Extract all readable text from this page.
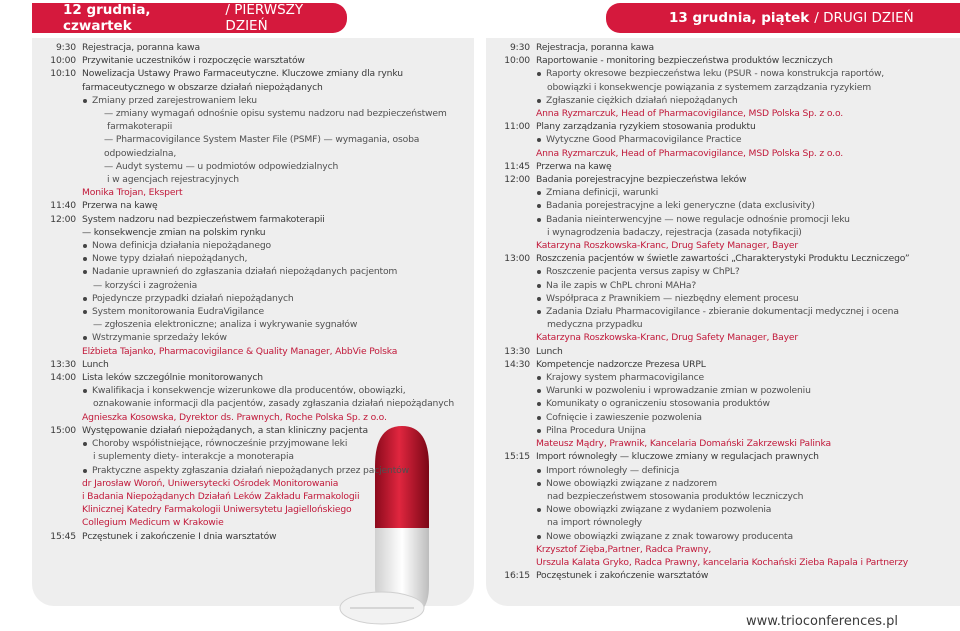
12 grudnia, czwartek
/ PIERWSZY DZIEŃ	13 grudnia, piątek / DRUGI DZIEŃ
9:30 Rejestracja, poranna kawa
10:00 Przywitanie uczestników i rozpoczęcie warsztatów
10:10 Nowelizacja Ustawy Prawo Farmaceutyczne. Kluczowe zmiany dla rynku
farmaceutycznego w obszarze działań niepożądanych
Zmiany przed zarejestrowaniem leku
— zmiany wymagań odnośnie opisu systemu nadzoru nad bezpieczeństwem
farmakoterapii
— Pharmacovigilance System Master File (PSMF) — wymagania, osoba odpowiedzialna,
— Audyt systemu — u podmiotów odpowiedzialnych
i w agencjach rejestracyjnych
Monika Trojan, Ekspert
11:40 Przerwa na kawę
12:00 System nadzoru nad bezpieczeństwem farmakoterapii
— konsekwencje zmian na polskim rynku
Nowa definicja działania niepożądanego
Nowe typy działań niepożądanych,
Nadanie uprawnień do zgłaszania działań niepożądanych pacjentom
— korzyści i zagrożenia
Pojedyncze przypadki działań niepożądanych
System monitorowania EudraVigilance
— zgłoszenia elektroniczne; analiza i wykrywanie sygnałów
Wstrzymanie sprzedaży leków
Elżbieta Tajanko, Pharmacovigilance & Quality Manager, AbbVie Polska
13:30 Lunch
14:00 Lista leków szczególnie monitorowanych
Kwalifikacja i konsekwencje wizerunkowe dla producentów, obowiązki,
oznakowanie informacji dla pacjentów, zasady zgłaszania działań niepożądanych
Agnieszka Kosowska, Dyrektor ds. Prawnych, Roche Polska Sp. z o.o.
15:00 Występowanie działań niepożądanych, a stan kliniczny pacjenta
Choroby współistniejące, równocześnie przyjmowane leki
i suplementy diety- interakcje a monoterapia
Praktyczne aspekty zgłaszania działań niepożądanych przez pacjentów
dr Jarosław Woroń, Uniwersytecki Ośrodek Monitorowania
i Badania Niepożądanych Działań Leków Zakładu Farmakologii
Klinicznej Katedry Farmakologii Uniwersytetu Jagiellońskiego
Collegium Medicum w Krakowie
15:45 Pczęstunek i zakończenie I dnia warsztatów
9:30 Rejestracja, poranna kawa
10:00 Raportowanie - monitoring bezpieczeństwa produktów leczniczych
Raporty okresowe bezpieczeństwa leku (PSUR - nowa konstrukcja raportów,
obowiązki i konsekwencje powiązania z systemem zarządzania ryzykiem
Zgłaszanie ciężkich działań niepożądanych
Anna Ryzmarczuk, Head of Pharmacovigilance, MSD Polska Sp. z o.o.
11:00 Plany zarządzania ryzykiem stosowania produktu
Wytyczne Good Pharmacovigilance Practice
Anna Ryzmarczuk, Head of Pharmacovigilance, MSD Polska Sp. z o.o.
11:45 Przerwa na kawę
12:00 Badania porejestracyjne bezpieczeństwa leków
Zmiana definicji, warunki
Badania porejestracyjne a leki generyczne (data exclusivity)
Badania nieinterwencyjne — nowe regulacje odnośnie promocji leku
i wynagrodzenia badaczy, rejestracja (zasada notyfikacji)
Katarzyna Roszkowska-Kranc, Drug Safety Manager, Bayer
13:00 Roszczenia pacjentów w świetle zawartości „Charakterystyki Produktu Leczniczego”
Roszczenie pacjenta versus zapisy w ChPL?
Na ile zapis w ChPL chroni MAHa?
Współpraca z Prawnikiem — niezbędny element procesu
Zadania Działu Pharmacovigilance - zbieranie dokumentacji medycznej i ocena
medyczna przypadku
Katarzyna Roszkowska-Kranc, Drug Safety Manager, Bayer
13:30 Lunch
14:30 Kompetencje nadzorcze Prezesa URPL
Krajowy system pharmacovigilance
Warunki w pozwoleniu i wprowadzanie zmian w pozwoleniu
Komunikaty o ograniczeniu stosowania produktów
Cofnięcie i zawieszenie pozwolenia
Pilna Procedura Unijna
Mateusz Mądry, Prawnik, Kancelaria Domański Zakrzewski Palinka
15:15 Import równoległy — kluczowe zmiany w regulacjach prawnych
Import równoległy — definicja
Nowe obowiązki związane z nadzorem
nad bezpieczeństwem stosowania produktów leczniczych
Nowe obowiązki związane z wydaniem pozwolenia
na import równoległy
Nowe obowiązki związane z znak towarowy producenta
Krzysztof Zięba,Partner, Radca Prawny,
Urszula Kalata Gryko, Radca Prawny, kancelaria Kochański Zieba Rapala i Partnerzy
16:15 Poczęstunek i zakończenie warsztatów
www.trioconferences.pl
